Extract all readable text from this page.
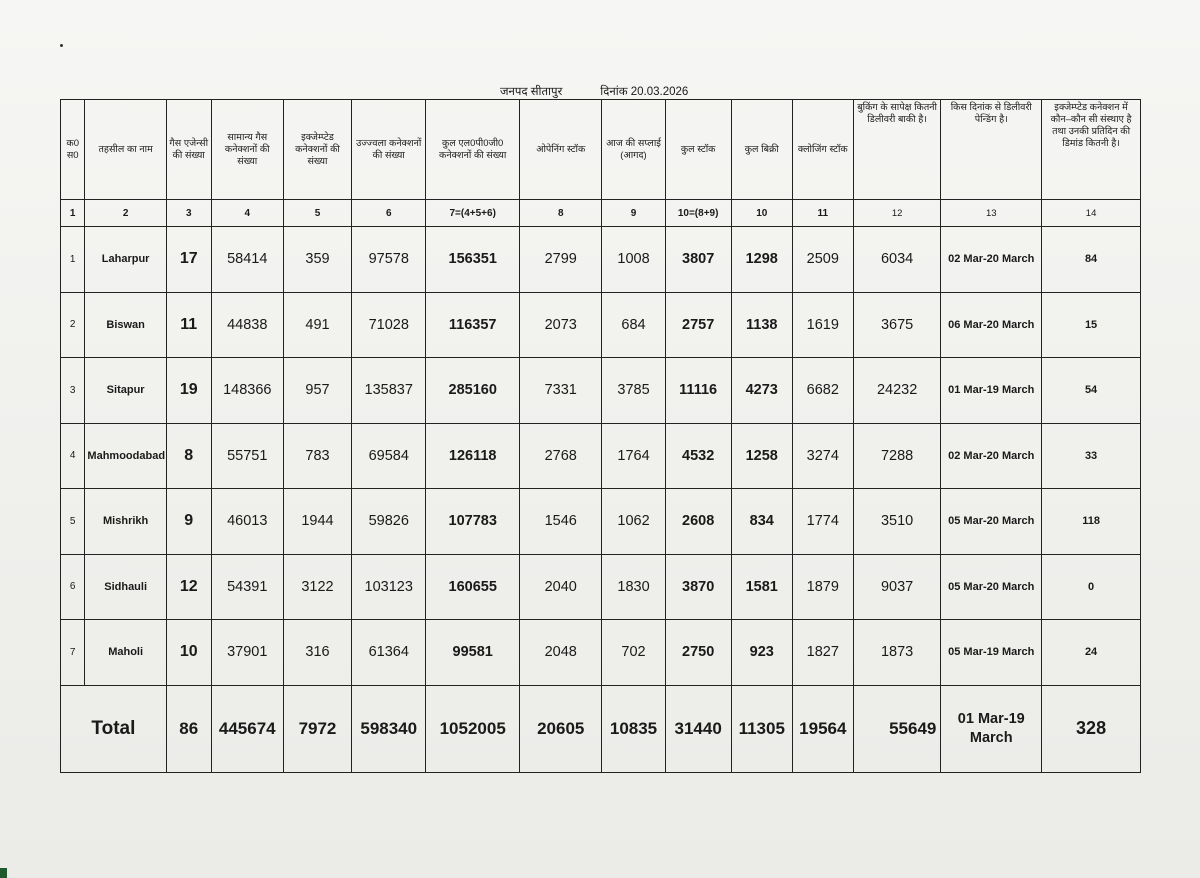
जनपद सीतापुर	दिनांक 20.03.2026
क0 स0	तहसील का नाम	गैस एजेन्सी की संख्या	सामान्य गैस कनेक्शनों की संख्या	इक्जेम्प्टेड कनेक्शनों की संख्या	उज्ज्वला कनेक्शनों की संख्या	कुल एल0पी0जी0 कनेक्शनों की संख्या	ओपेनिंग स्टॉक	आज की सप्लाई (आगद)	कुल स्टॉक	कुल बिक्री	क्लोजिंग स्टॉक	बुकिंग के सापेक्ष कितनी डिलीवरी बाकी है।	किस दिनांक से डिलीवरी पेन्डिंग है।	इक्जेम्प्टेड कनेक्शन में कौन–कौन सी संस्थाए है तथा उनकी प्रतिदिन की डिमांड कितनी है।
1	2	3	4	5	6	7=(4+5+6)	8	9	10=(8+9)	10	11	12	13	14
1	Laharpur	17	58414	359	97578	156351	2799	1008	3807	1298	2509	6034	02 Mar-20 March	84
2	Biswan	11	44838	491	71028	116357	2073	684	2757	1138	1619	3675	06 Mar-20 March	15
3	Sitapur	19	148366	957	135837	285160	7331	3785	11116	4273	6682	24232	01 Mar-19 March	54
4	Mahmoodabad	8	55751	783	69584	126118	2768	1764	4532	1258	3274	7288	02 Mar-20 March	33
5	Mishrikh	9	46013	1944	59826	107783	1546	1062	2608	834	1774	3510	05 Mar-20 March	118
6	Sidhauli	12	54391	3122	103123	160655	2040	1830	3870	1581	1879	9037	05 Mar-20 March	0
7	Maholi	10	37901	316	61364	99581	2048	702	2750	923	1827	1873	05 Mar-19 March	24
Total		86	445674	7972	598340	1052005	20605	10835	31440	11305	19564	55649	01 Mar-19 March	328
